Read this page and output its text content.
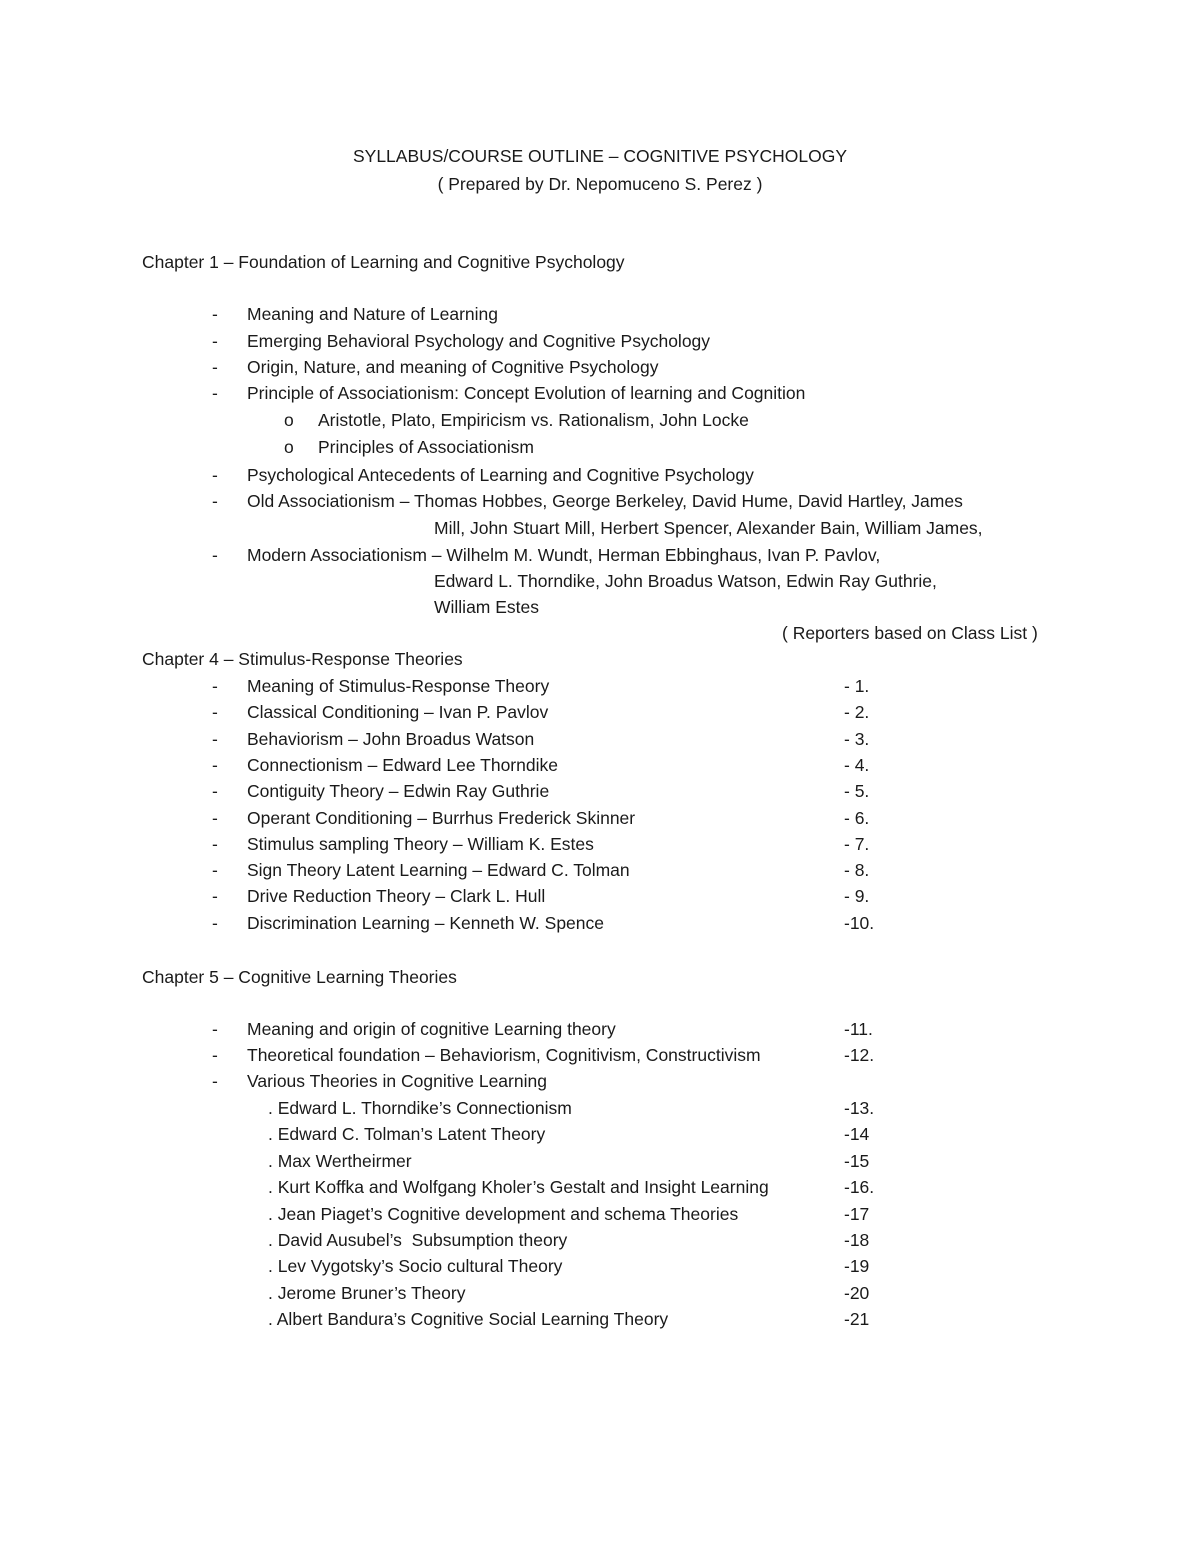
SYLLABUS/COURSE OUTLINE – COGNITIVE PSYCHOLOGY
( Prepared by Dr. Nepomuceno S. Perez )
Chapter 1 – Foundation of Learning and Cognitive Psychology
- Meaning and Nature of Learning
- Emerging Behavioral Psychology and Cognitive Psychology
- Origin, Nature, and meaning of Cognitive Psychology
- Principle of Associationism: Concept Evolution of learning and Cognition
o Aristotle, Plato, Empiricism vs. Rationalism, John Locke
o Principles of Associationism
- Psychological Antecedents of Learning and Cognitive Psychology
- Old Associationism – Thomas Hobbes, George Berkeley, David Hume, David Hartley, James
Mill, John Stuart Mill, Herbert Spencer, Alexander Bain, William James,
- Modern Associationism – Wilhelm M. Wundt, Herman Ebbinghaus, Ivan P. Pavlov,
Edward L. Thorndike, John Broadus Watson, Edwin Ray Guthrie,
William Estes
( Reporters based on Class List )
Chapter 4 – Stimulus-Response Theories
- Meaning of Stimulus-Response Theory	- 1.
- Classical Conditioning – Ivan P. Pavlov	- 2.
- Behaviorism – John Broadus Watson	- 3.
- Connectionism – Edward Lee Thorndike	- 4.
- Contiguity Theory – Edwin Ray Guthrie	- 5.
- Operant Conditioning – Burrhus Frederick Skinner	- 6.
- Stimulus sampling Theory – William K. Estes	- 7.
- Sign Theory Latent Learning – Edward C. Tolman	- 8.
- Drive Reduction Theory – Clark L. Hull	- 9.
- Discrimination Learning – Kenneth W. Spence	-10.
Chapter 5 – Cognitive Learning Theories
- Meaning and origin of cognitive Learning theory	-11.
- Theoretical foundation – Behaviorism, Cognitivism, Constructivism	-12.
- Various Theories in Cognitive Learning
. Edward L. Thorndike’s Connectionism	-13.
. Edward C. Tolman’s Latent Theory	-14
. Max Wertheirmer	-15
. Kurt Koffka and Wolfgang Kholer’s Gestalt and Insight Learning	-16.
. Jean Piaget’s Cognitive development and schema Theories	-17
. David Ausubel’s  Subsumption theory	-18
. Lev Vygotsky’s Socio cultural Theory	-19
. Jerome Bruner’s Theory	-20
. Albert Bandura’s Cognitive Social Learning Theory	-21
